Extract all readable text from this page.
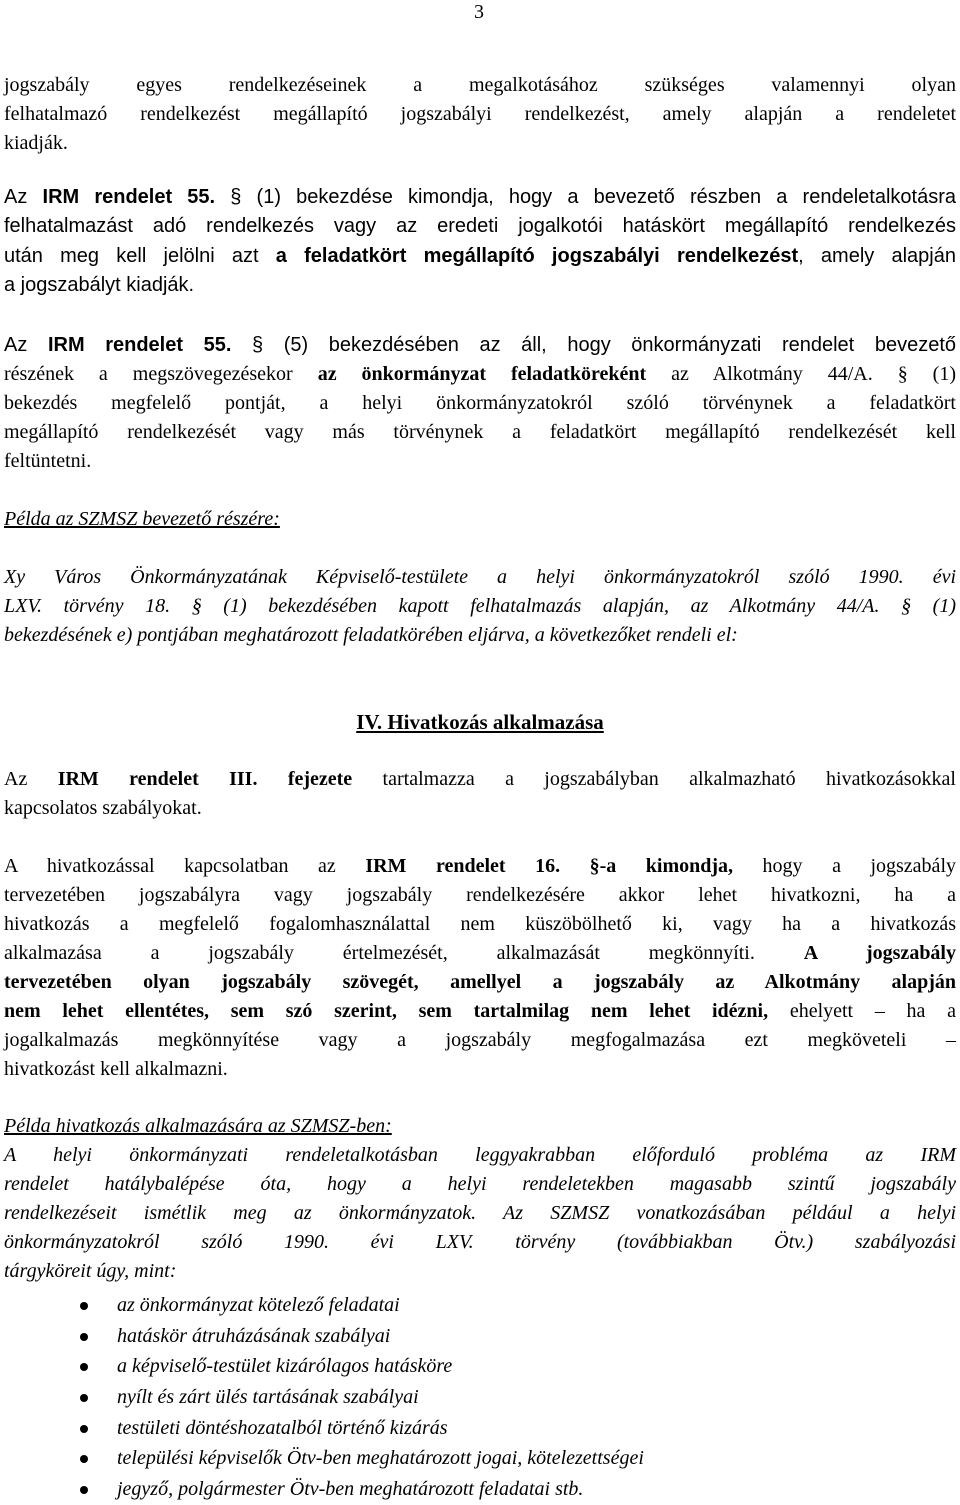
3
jogszabály egyes rendelkezéseinek a megalkotásához szükséges valamennyi olyan
felhatalmazó rendelkezést megállapító jogszabályi rendelkezést, amely alapján a rendeletet
kiadják.
Az IRM rendelet 55. § (1) bekezdése kimondja, hogy a bevezető részben a rendeletalkotásra
felhatalmazást adó rendelkezés vagy az eredeti jogalkotói hatáskört megállapító rendelkezés
után meg kell jelölni azt a feladatkört megállapító jogszabályi rendelkezést, amely alapján
a jogszabályt kiadják.
Az IRM rendelet 55. § (5) bekezdésében az áll, hogy önkormányzati rendelet bevezető
részének a megszövegezésekor az önkormányzat feladatköreként az Alkotmány 44/A. § (1)
bekezdés megfelelő pontját, a helyi önkormányzatokról szóló törvénynek a feladatkört
megállapító rendelkezését vagy más törvénynek a feladatkört megállapító rendelkezését kell
feltüntetni.
Példa az SZMSZ bevezető részére:
Xy Város Önkormányzatának Képviselő-testülete a helyi önkormányzatokról szóló 1990. évi
LXV. törvény 18. § (1) bekezdésében kapott felhatalmazás alapján, az Alkotmány 44/A. § (1)
bekezdésének e) pontjában meghatározott feladatkörében eljárva, a következőket rendeli el:
IV. Hivatkozás alkalmazása
Az IRM rendelet III. fejezete tartalmazza a jogszabályban alkalmazható hivatkozásokkal
kapcsolatos szabályokat.
A hivatkozással kapcsolatban az IRM rendelet 16. §-a kimondja, hogy a jogszabály
tervezetében jogszabályra vagy jogszabály rendelkezésére akkor lehet hivatkozni, ha a
hivatkozás a megfelelő fogalomhasználattal nem küszöbölhető ki, vagy ha a hivatkozás
alkalmazása a jogszabály értelmezését, alkalmazását megkönnyíti. A jogszabály
tervezetében olyan jogszabály szövegét, amellyel a jogszabály az Alkotmány alapján
nem lehet ellentétes, sem szó szerint, sem tartalmilag nem lehet idézni, ehelyett – ha a
jogalkalmazás megkönnyítése vagy a jogszabály megfogalmazása ezt megköveteli –
hivatkozást kell alkalmazni.
Példa hivatkozás alkalmazására az SZMSZ-ben:
A helyi önkormányzati rendeletalkotásban leggyakrabban előforduló probléma az IRM
rendelet hatálybalépése óta, hogy a helyi rendeletekben magasabb szintű jogszabály
rendelkezéseit ismétlik meg az önkormányzatok. Az SZMSZ vonatkozásában például a helyi
önkormányzatokról szóló 1990. évi LXV. törvény (továbbiakban Ötv.) szabályozási
tárgyköreit úgy, mint:
az önkormányzat kötelező feladatai
hatáskör átruházásának szabályai
a képviselő-testület kizárólagos hatásköre
nyílt és zárt ülés tartásának szabályai
testületi döntéshozatalból történő kizárás
települési képviselők Ötv-ben meghatározott jogai, kötelezettségei
jegyző, polgármester Ötv-ben meghatározott feladatai stb.
